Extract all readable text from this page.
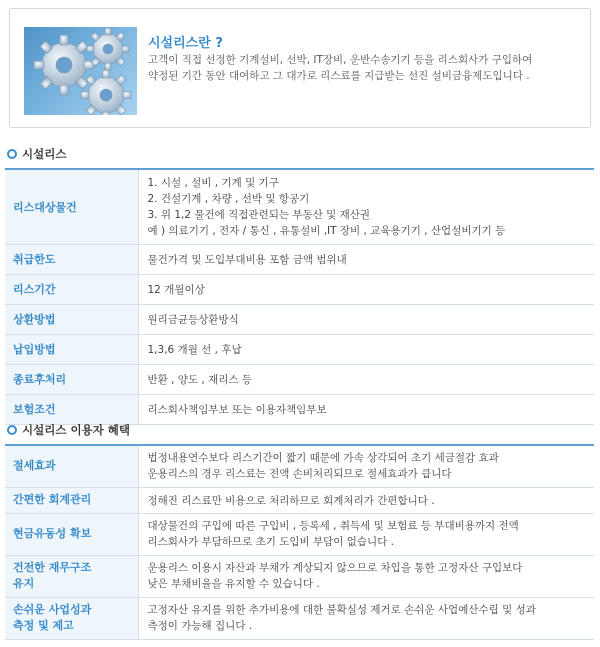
시설리스란 ?
고객이 직접 선정한 기계설비, 선박, IT장비, 운반수송기기 등을 리스회사가 구입하여
약정된 기간 동안 대여하고 그 대가로 리스료를 지급받는 선진 설비금융제도입니다 .
시설리스
리스대상물건	1. 시설 , 설비 , 기계 및 기구
2. 건설기계 , 차량 , 선박 및 항공기
3. 위 1,2 물건에 직접관련되는 부동산 및 재산권
예 ) 의료기기 , 전자 / 통신 , 유통설비 ,IT 장비 , 교육용기기 , 산업설비기기 등

취급한도	물건가격 및 도입부대비용 포함 금액 범위내
리스기간	12 개월이상
상환방법	원리금균등상환방식
납입방법	1,3,6 개월 선 , 후납
종료후처리	반환 , 양도 , 재리스 등
보험조건	리스회사책임부보 또는 이용자책임부보
시설리스 이용자 혜택
절세효과	법정내용연수보다 리스기간이 짧기 때문에 가속 상각되어 초기 세금절감 효과
운용리스의 경우 리스료는 전액 손비처리되므로 절세효과가 큽니다

간편한 회계관리	정해진 리스료만 비용으로 처리하므로 회계처리가 간편합니다 .

현금유동성 확보	대상물건의 구입에 따른 구입비 , 등록세 , 취득세 및 보험료 등 부대비용까지 전액
리스회사가 부담하므로 초기 도입비 부담이 없습니다 .

건전한 재무구조
유지	운용리스 이용시 자산과 부채가 계상되지 않으므로 차입을 통한 고정자산 구입보다
낮은 부채비율을 유지할 수 있습니다 .

손쉬운 사업성과
측정 및 제고	고정자산 유지를 위한 추가비용에 대한 불확실성 제거로 손쉬운 사업예산수립 및 성과
측정이 가능해 집니다 .
